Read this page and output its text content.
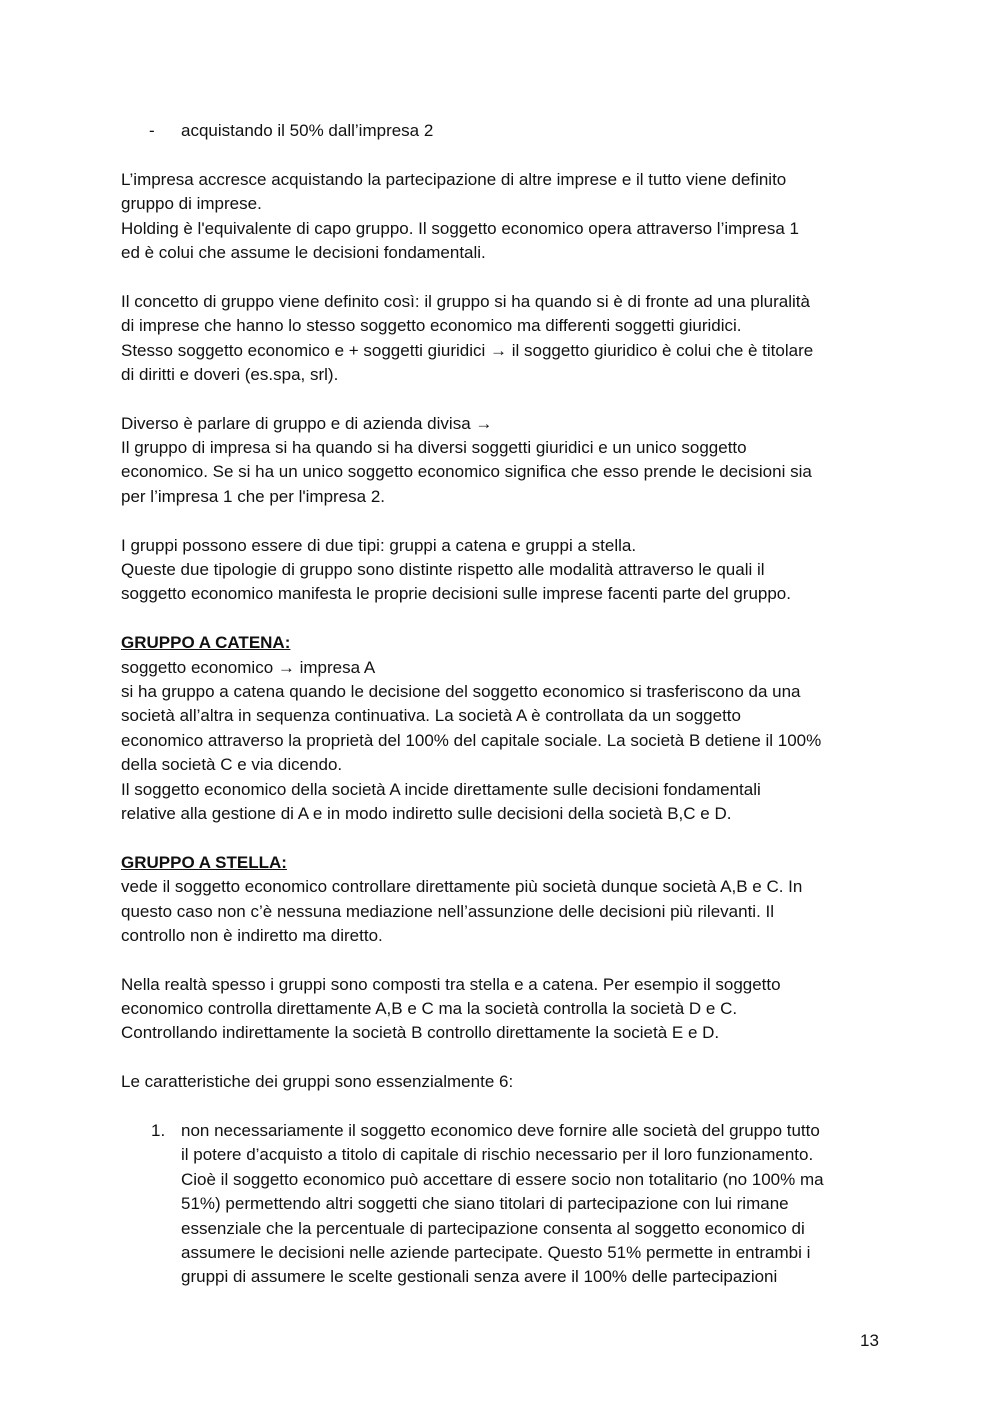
- acquistando il 50% dall’impresa 2
L’impresa accresce acquistando la partecipazione di altre imprese e il tutto viene definito
gruppo di imprese.
Holding è l'equivalente di capo gruppo. Il soggetto economico opera attraverso l’impresa 1
ed è colui che assume le decisioni fondamentali.
Il concetto di gruppo viene definito così: il gruppo si ha quando si è di fronte ad una pluralità
di imprese che hanno lo stesso soggetto economico ma differenti soggetti giuridici.
Stesso soggetto economico e + soggetti giuridici → il soggetto giuridico è colui che è titolare
di diritti e doveri (es.spa, srl).
Diverso è parlare di gruppo e di azienda divisa →
Il gruppo di impresa si ha quando si ha diversi soggetti giuridici e un unico soggetto
economico. Se si ha un unico soggetto economico significa che esso prende le decisioni sia
per l’impresa 1 che per l'impresa 2.
I gruppi possono essere di due tipi: gruppi a catena e gruppi a stella.
Queste due tipologie di gruppo sono distinte rispetto alle modalità attraverso le quali il
soggetto economico manifesta le proprie decisioni sulle imprese facenti parte del gruppo.
GRUPPO A CATENA:
soggetto economico → impresa A
si ha gruppo a catena quando le decisione del soggetto economico si trasferiscono da una
società all’altra in sequenza continuativa. La società A è controllata da un soggetto
economico attraverso la proprietà del 100% del capitale sociale. La società B detiene il 100%
della società C e via dicendo.
Il soggetto economico della società A incide direttamente sulle decisioni fondamentali
relative alla gestione di A e in modo indiretto sulle decisioni della società B,C e D.
GRUPPO A STELLA:
vede il soggetto economico controllare direttamente più società dunque società A,B e C. In
questo caso non c’è nessuna mediazione nell’assunzione delle decisioni più rilevanti. Il
controllo non è indiretto ma diretto.
Nella realtà spesso i gruppi sono composti tra stella e a catena. Per esempio il soggetto
economico controlla direttamente A,B e C ma la società controlla la società D e C.
Controllando indirettamente la società B controllo direttamente la società E e D.
Le caratteristiche dei gruppi sono essenzialmente 6:
1. non necessariamente il soggetto economico deve fornire alle società del gruppo tutto
il potere d’acquisto a titolo di capitale di rischio necessario per il loro funzionamento.
Cioè il soggetto economico può accettare di essere socio non totalitario (no 100% ma
51%) permettendo altri soggetti che siano titolari di partecipazione con lui rimane
essenziale che la percentuale di partecipazione consenta al soggetto economico di
assumere le decisioni nelle aziende partecipate. Questo 51% permette in entrambi i
gruppi di assumere le scelte gestionali senza avere il 100% delle partecipazioni
13
